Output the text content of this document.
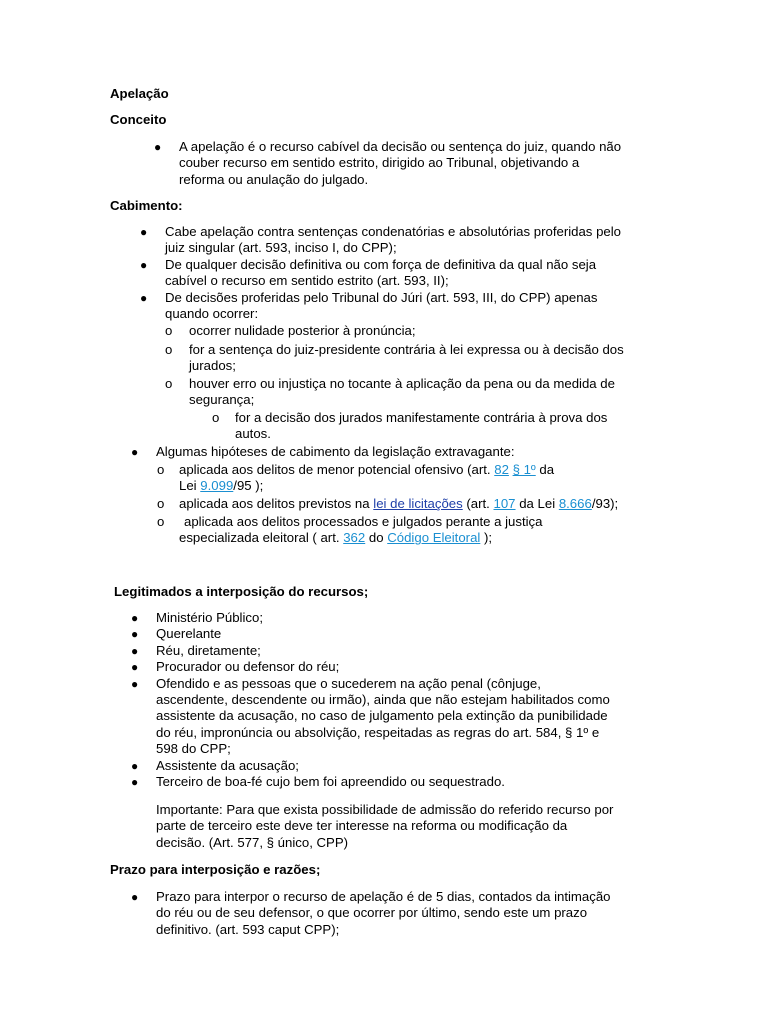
Apelação
Conceito
● A apelação é o recurso cabível da decisão ou sentença do juiz, quando não
couber recurso em sentido estrito, dirigido ao Tribunal, objetivando a
reforma ou anulação do julgado.
Cabimento:
● Cabe apelação contra sentenças condenatórias e absolutórias proferidas pelo
juiz singular (art. 593, inciso I, do CPP);
● De qualquer decisão definitiva ou com força de definitiva da qual não seja
cabível o recurso em sentido estrito (art. 593, II);
● De decisões proferidas pelo Tribunal do Júri (art. 593, III, do CPP) apenas
quando ocorrer:
o ocorrer nulidade posterior à pronúncia;
o for a sentença do juiz-presidente contrária à lei expressa ou à decisão dos
jurados;
o houver erro ou injustiça no tocante à aplicação da pena ou da medida de
segurança;
o for a decisão dos jurados manifestamente contrária à prova dos
autos.
● Algumas hipóteses de cabimento da legislação extravagante:
o aplicada aos delitos de menor potencial ofensivo (art. 82 § 1º da
Lei 9.099/95 );
o aplicada aos delitos previstos na lei de licitações (art. 107 da Lei 8.666/93);
o	aplicada aos delitos processados e julgados perante a justiça
especializada eleitoral ( art. 362 do Código Eleitoral );
Legitimados a interposição do recursos;
● Ministério Público;
● Querelante
● Réu, diretamente;
● Procurador ou defensor do réu;
● Ofendido e as pessoas que o sucederem na ação penal (cônjuge,
ascendente, descendente ou irmão), ainda que não estejam habilitados como
assistente da acusação, no caso de julgamento pela extinção da punibilidade
do réu, impronúncia ou absolvição, respeitadas as regras do art. 584, § 1º e
598 do CPP;
● Assistente da acusação;
● Terceiro de boa-fé cujo bem foi apreendido ou sequestrado.
Importante: Para que exista possibilidade de admissão do referido recurso por
parte de terceiro este deve ter interesse na reforma ou modificação da
decisão. (Art. 577, § único, CPP)
Prazo para interposição e razões;
● Prazo para interpor o recurso de apelação é de 5 dias, contados da intimação
do réu ou de seu defensor, o que ocorrer por último, sendo este um prazo
definitivo. (art. 593 caput CPP);
